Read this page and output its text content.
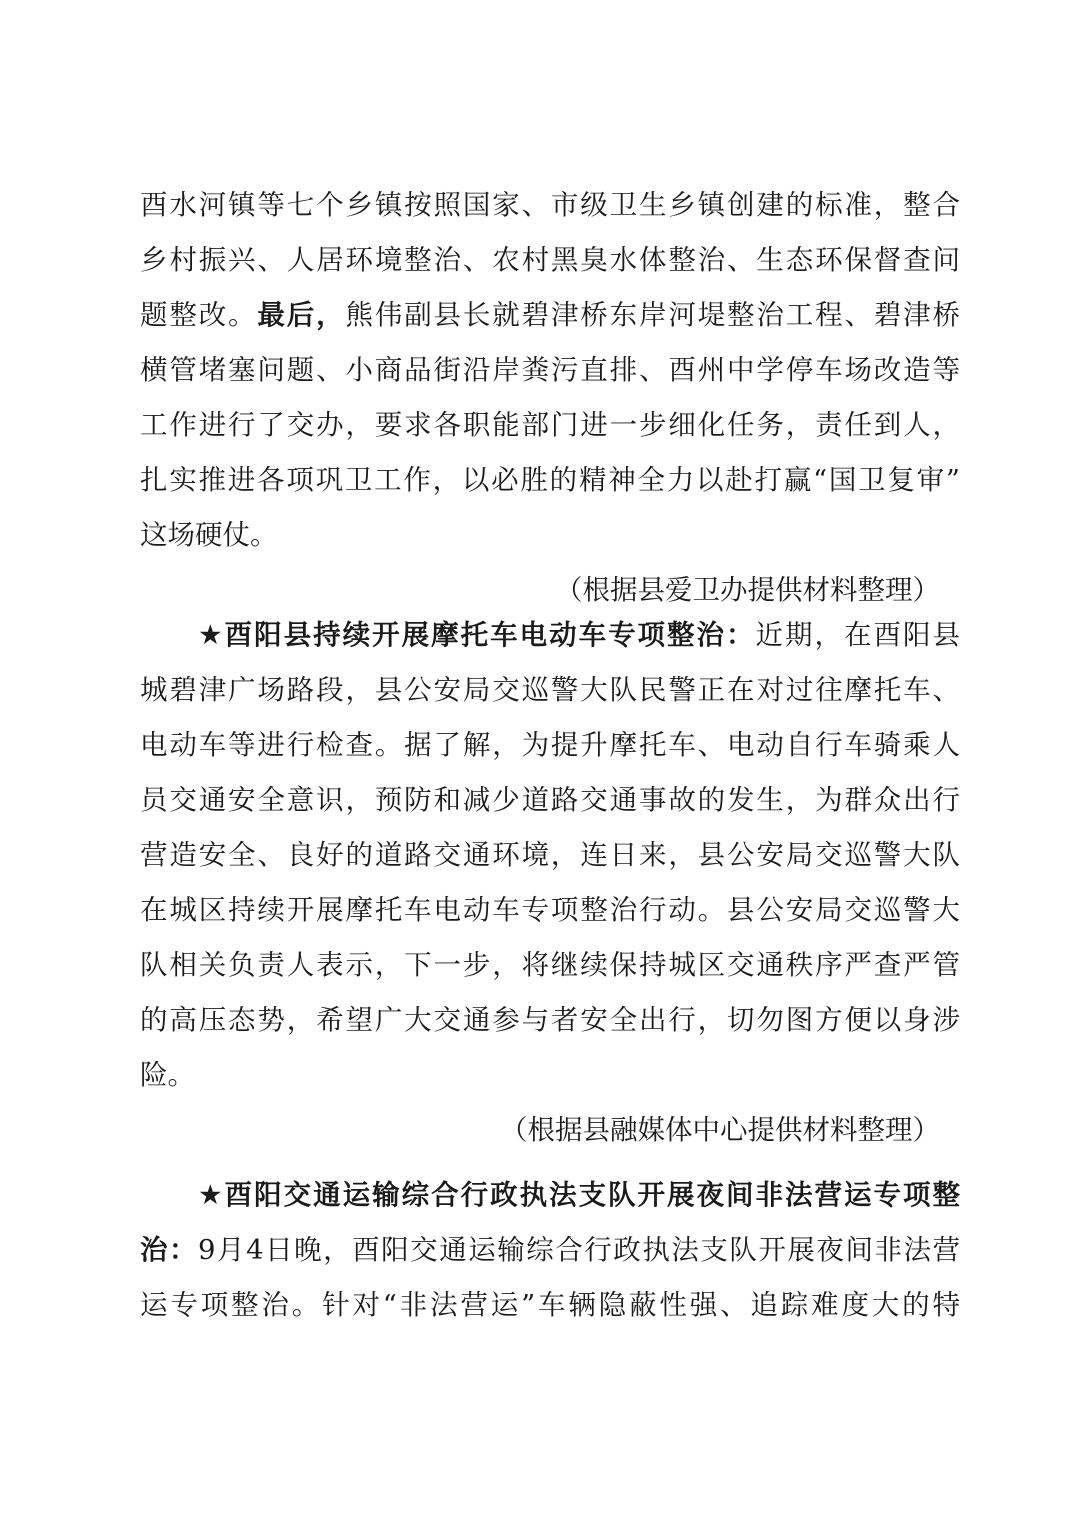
酉水河镇等七个乡镇按照国家、市级卫生乡镇创建的标准，整合
乡村振兴、人居环境整治、农村黑臭水体整治、生态环保督查问
题整改。最后，熊伟副县长就碧津桥东岸河堤整治工程、碧津桥
横管堵塞问题、小商品街沿岸粪污直排、酉州中学停车场改造等
工作进行了交办，要求各职能部门进一步细化任务，责任到人，
扎实推进各项巩卫工作，以必胜的精神全力以赴打赢“国卫复审”
这场硬仗。
（根据县爱卫办提供材料整理）
★酉阳县持续开展摩托车电动车专项整治：近期，在酉阳县
城碧津广场路段，县公安局交巡警大队民警正在对过往摩托车、
电动车等进行检查。据了解，为提升摩托车、电动自行车骑乘人
员交通安全意识，预防和减少道路交通事故的发生，为群众出行
营造安全、良好的道路交通环境，连日来，县公安局交巡警大队
在城区持续开展摩托车电动车专项整治行动。县公安局交巡警大
队相关负责人表示，下一步，将继续保持城区交通秩序严查严管
的高压态势，希望广大交通参与者安全出行，切勿图方便以身涉
险。
（根据县融媒体中心提供材料整理）
★酉阳交通运输综合行政执法支队开展夜间非法营运专项整
治：9月4日晚，酉阳交通运输综合行政执法支队开展夜间非法营
运专项整治。针对“非法营运”车辆隐蔽性强、追踪难度大的特
